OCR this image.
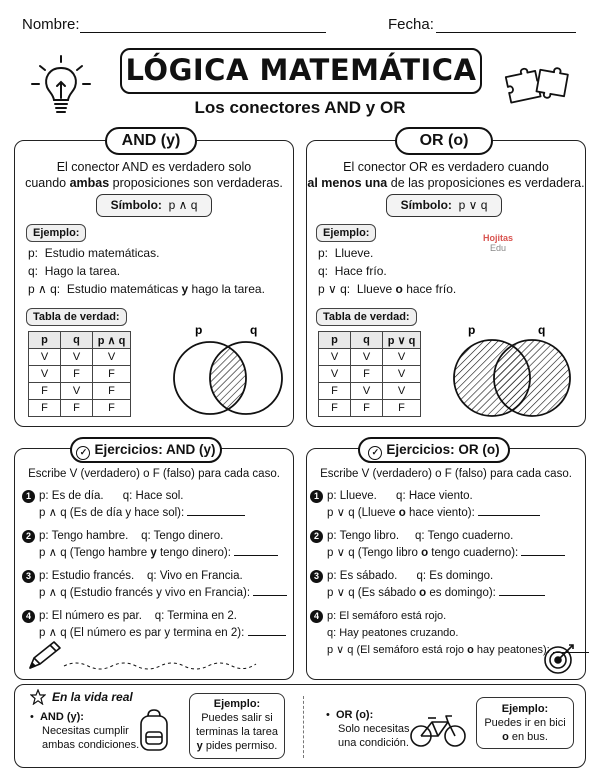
Nombre:	Fecha:
LÓGICA MATEMÁTICA
Los conectores AND y OR
AND (y)
El conector AND es verdadero solo
cuando ambas proposiciones son verdaderas.
Símbolo: p ∧ q
Ejemplo:
p: Estudio matemáticas.
q: Hago la tarea.
p ∧ q: Estudio matemáticas y hago la tarea.
Tabla de verdad:
p	q	p ∧ q
V	V	V
V	F	F
F	V	F
F	F	F
p	q
OR (o)
El conector OR es verdadero cuando
al menos una de las proposiciones es verdadera.
Símbolo: p ∨ q
Ejemplo:	Hojitas
Edu
p: Llueve.
q: Hace frío.
p ∨ q: Llueve o hace frío.
Tabla de verdad:
p	q	p ∨ q
V	V	V
V	F	V
F	V	V
F	F	F
p	q
✓ Ejercicios: AND (y)
Escribe V (verdadero) o F (falso) para cada caso.
1 p: Es de día. q: Hace sol.
p ∧ q (Es de día y hace sol):
2 p: Tengo hambre. q: Tengo dinero.
p ∧ q (Tengo hambre y tengo dinero):
3 p: Estudio francés. q: Vivo en Francia.
p ∧ q (Estudio francés y vivo en Francia):
4 p: El número es par. q: Termina en 2.
p ∧ q (El número es par y termina en 2):
✓ Ejercicios: OR (o)
Escribe V (verdadero) o F (falso) para cada caso.
1 p: Llueve. q: Hace viento.
p ∨ q (Llueve o hace viento):
2 p: Tengo libro. q: Tengo cuaderno.
p ∨ q (Tengo libro o tengo cuaderno):
3 p: Es sábado. q: Es domingo.
p ∨ q (Es sábado o es domingo):
4 p: El semáforo está rojo.
q: Hay peatones cruzando.
p ∨ q (El semáforo está rojo o hay peatones):
En la vida real
•  AND (y):
Necesitas cumplir
ambas condiciones.
Ejemplo:
Puedes salir si
terminas la tarea
y pides permiso.
•  OR (o):
Solo necesitas
una condición.
Ejemplo:
Puedes ir en bici
o en bus.
